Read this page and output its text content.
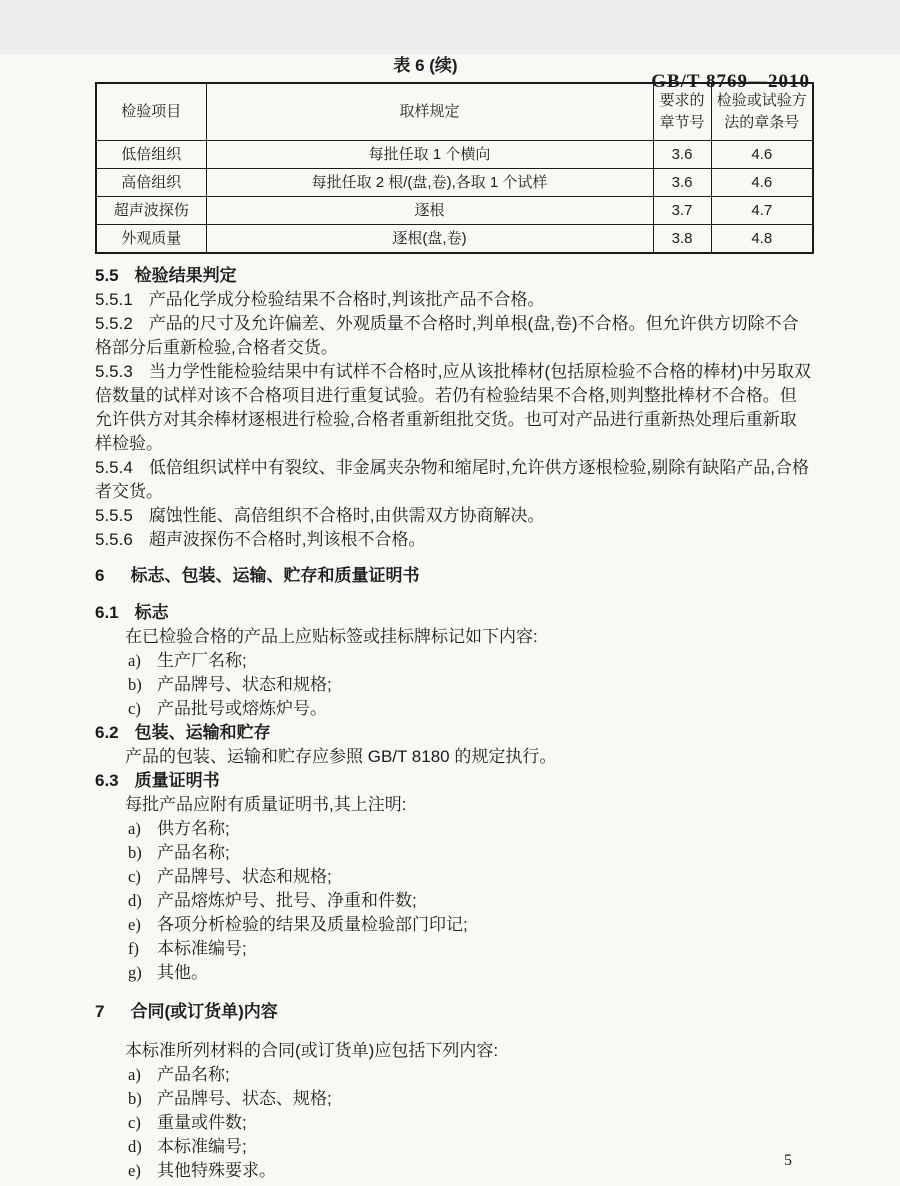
GB/T 8769—2010
表 6 (续)
检验项目	取样规定	要求的章节号	检验或试验方法的章条号
低倍组织	每批任取 1 个横向	3.6	4.6
高倍组织	每批任取 2 根/(盘,卷),各取 1 个试样	3.6	4.6
超声波探伤	逐根	3.7	4.7
外观质量	逐根(盘,卷)	3.8	4.8

5.5 检验结果判定

5.5.1 产品化学成分检验结果不合格时,判该批产品不合格。

5.5.2 产品的尺寸及允许偏差、外观质量不合格时,判单根(盘,卷)不合格。但允许供方切除不合格部分后重新检验,合格者交货。

5.5.3 当力学性能检验结果中有试样不合格时,应从该批棒材(包括原检验不合格的棒材)中另取双倍数量的试样对该不合格项目进行重复试验。若仍有检验结果不合格,则判整批棒材不合格。但允许供方对其余棒材逐根进行检验,合格者重新组批交货。也可对产品进行重新热处理后重新取样检验。

5.5.4 低倍组织试样中有裂纹、非金属夹杂物和缩尾时,允许供方逐根检验,剔除有缺陷产品,合格者交货。

5.5.5 腐蚀性能、高倍组织不合格时,由供需双方协商解决。

5.5.6 超声波探伤不合格时,判该根不合格。

6 标志、包装、运输、贮存和质量证明书

6.1 标志

在已检验合格的产品上应贴标签或挂标牌标记如下内容:

a) 生产厂名称;
b) 产品牌号、状态和规格;
c) 产品批号或熔炼炉号。

6.2 包装、运输和贮存

产品的包装、运输和贮存应参照 GB/T 8180 的规定执行。

6.3 质量证明书

每批产品应附有质量证明书,其上注明:

a) 供方名称;
b) 产品名称;
c) 产品牌号、状态和规格;
d) 产品熔炼炉号、批号、净重和件数;
e) 各项分析检验的结果及质量检验部门印记;
f) 本标准编号;
g) 其他。

7 合同(或订货单)内容

本标准所列材料的合同(或订货单)应包括下列内容:

a) 产品名称;
b) 产品牌号、状态、规格;
c) 重量或件数;
d) 本标准编号;
e) 其他特殊要求。
5
